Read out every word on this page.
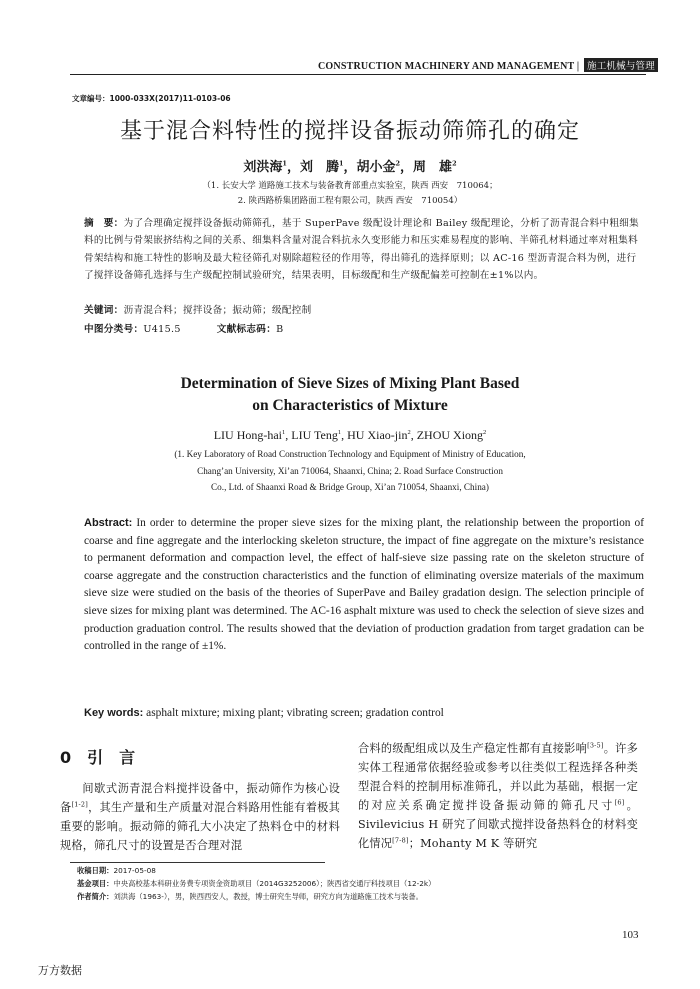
CONSTRUCTION MACHINERY AND MANAGEMENT | 施工机械与管理
文章编号：1000-033X(2017)11-0103-06
基于混合料特性的搅拌设备振动筛筛孔的确定
刘洪海$^1$，刘　腾$^1$，胡小金$^2$，周　雄$^2$
（1. 长安大学 道路施工技术与装备教育部重点实验室，陕西 西安　710064；
2. 陕西路桥集团路面工程有限公司，陕西 西安　710054）
摘　要：为了合理确定搅拌设备振动筛筛孔，基于 SuperPave 级配设计理论和 Bailey 级配理论，分析了沥青混合料中粗细集料的比例与骨架嵌挤结构之间的关系、细集料含量对混合料抗永久变形能力和压实难易程度的影响、半筛孔材料通过率对粗集料骨架结构和施工特性的影响及最大粒径筛孔对剔除超粒径的作用等，得出筛孔的选择原则；以 AC-16 型沥青混合料为例，进行了搅拌设备筛孔选择与生产级配控制试验研究，结果表明，目标级配和生产级配偏差可控制在±1%以内。
关键词：沥青混合料；搅拌设备；振动筛；级配控制
中图分类号：U415.5	文献标志码：B
Determination of Sieve Sizes of Mixing Plant Based
on Characteristics of Mixture
LIU Hong-hai$^1$, LIU Teng$^1$, HU Xiao-jin$^2$, ZHOU Xiong$^2$
(1. Key Laboratory of Road Construction Technology and Equipment of Ministry of Education,
Chang’an University, Xi’an 710064, Shaanxi, China; 2. Road Surface Construction
Co., Ltd. of Shaanxi Road & Bridge Group, Xi’an 710054, Shaanxi, China)
Abstract: In order to determine the proper sieve sizes for the mixing plant, the relationship between the proportion of coarse and fine aggregate and the interlocking skeleton structure, the impact of fine aggregate on the mixture’s resistance to permanent deformation and compaction level, the effect of half-sieve size passing rate on the skeleton structure of coarse aggregate and the construction characteristics and the function of eliminating oversize materials of the maximum sieve size were studied on the basis of the theories of SuperPave and Bailey gradation design. The selection principle of sieve sizes for mixing plant was determined. The AC-16 asphalt mixture was used to check the selection of sieve sizes and production graduation control. The results showed that the deviation of production gradation from target gradation can be controlled in the range of ±1%.
Key words: asphalt mixture; mixing plant; vibrating screen; gradation control
0 引　言
间歇式沥青混合料搅拌设备中，振动筛作为核心设备[1-2]，其生产量和生产质量对混合料路用性能有着极其重要的影响。振动筛的筛孔大小决定了热料仓中的材料规格，筛孔尺寸的设置是否合理对混
合料的级配组成以及生产稳定性都有直接影响[3-5]。许多实体工程通常依据经验或参考以往类似工程选择各种类型混合料的控制用标准筛孔，并以此为基础，根据一定的对应关系确定搅拌设备振动筛的筛孔尺寸[6]。Sivilevicius H 研究了间歇式搅拌设备热料仓的材料变化情况[7-8]；Mohanty M K 等研究
收稿日期：2017-05-08
基金项目：中央高校基本科研业务费专项资金资助项目（2014G3252006）；陕西省交通厅科技项目（12-2k）
作者简介：刘洪海（1963-），男，陕西西安人，教授，博士研究生导师，研究方向为道路施工技术与装备。
103
万方数据
